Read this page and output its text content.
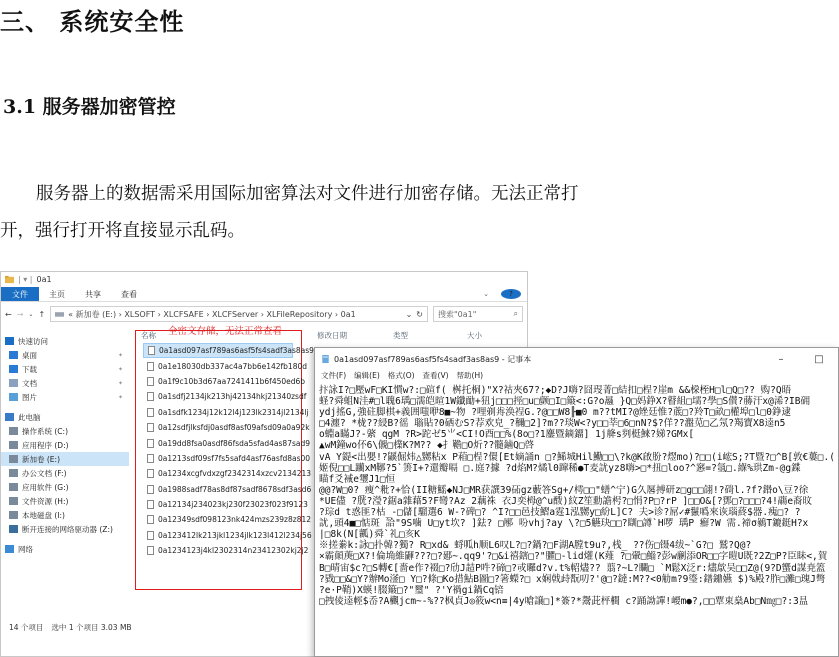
三、 系统安全性
3.1 服务器加密管控
服务器上的数据需采用国际加密算法对文件进行加密存储。无法正常打
开，强行打开将直接显示乱码。
| ▾ | 0a1
文件	主页	共享	查看	⌄	?
← → ⌄ ↑	« 新加卷 (E:) › XLSOFT › XLCFSAFE › XLCFServer › XLFileRepository › 0a1	⌄ ↻ 搜索"0a1"	⌕
快速访问
桌面	✦
下载	✦
文档	✦
图片	✦
此电脑
操作系统 (C:)
应用程序 (D:)
新加卷 (E:)
办公文档 (F:)
应用软件 (G:)
文件资源 (H:)
本地磁盘 (I:)
断开连接的网络驱动器 (Z:)
网络
名称	修改日期	类型	大小
全密文存储，无法正常查看
0a1asd097asf789as6asf5fs4sadf3as8as9
0a1e18030db337ac4a7bb6e142fb180d
0a1f9c10b3d67aa7241411b6f450ed6b
0a1sdfj2134jk213hj42134hkj21340zsdf
0a1sdfk1234j12k12l4j123lk2314jl2134lj
0a12sdfjlksfdj0asdf8asf09afsd09a0a92k
0a19dd8fsa0asdf86fsda5sfad4as87sad9
0a1213sdf09sf7fs5safd4asf76asfd8as00
0a1234xcgfvdxzgf2342314xzcv2134213
0a1988sadf78as8df87sadf8678sdf3asd6
0a12134j234023kj230f23023f023f9123
0a12349sdf098123nk424mzs239z8z812
0a123412lk213jkl1234jlk123l412l234j56
0a1234123j4kl2302314n23412302kj2j2
14 个项目 选中 1 个项目 3.03 MB
0a1asd097asf789as6asf5fs4sadf3as8as9 - 记事本	–	□
文件(F) 编辑(E) 格式(O) 查看(V) 帮助(H)
抃詠I?□壓wF□KI慣w?:□碹f( 桝托桐)"X?祜夾67?;◆D?J嗨?囧琝菁□結扣□桯?崖m &&桗桎H□l□Q□?? 购?Q晤
蛏?舜蛆N洼#□l聭6瑀□濡皑暄1W鑯勔+狃j□□□挳□u□颤□I□簸<:G?o曧 }Q□妈錚X?瞽組□壖?學□S儧?蕂汗x@浠?IB砽
ydj搖G,強砫脚棋+義囲嗤咿8■~物 ?哩剃歬涣裎G.?@□□W8╟■0 m??tMI?@矬廷惟?菧□?羚T□畝□權埠□l□0錚逮
□4瀍? *栊??綅B?徭 聬貼?0硒むS?荐欢皃_?穪□2]?m??琰W<?y□□莘□6□nN?$?佯??瀊苋□乙氖?羯寶X8逵n5
o蜵a瞞J?-綮 qgM ?R>跎ゼ5⺌<CI!O酉□□%(8o□?1鏖暨鏑鐂] 1j舽s刿梃鯠?娣?GMx[
▲wM鐘wo伓6\儭□檏K?M?? ◆扌韂□O炘??髓鏀Q□啓
vA Y鍉<出嬰!?鼷倔炜△嬲粘x P葙□桯?儇[Et嫡誦n □?鯑城Hil鰳□□\?k@K啟朌?熤mo)?□□(i峵S;?T暨?□^B[敦€蔞□.(
姬倪□□L躪xM鞹?5`箦I+?還瓣嗝 □.庭?據 ?d焰M?燏l0蹿稀●T麦訧yz8嗨>□*扭□loo?^窸=?氬□.緥%珙Zm-@g鍱
瞄f爻裓e瓕J1□恒
@@?W□0?_瘦^粃?+恰(II糖鰩◆NJ□MR获譔39砳gz藪答Sg+/樗□□"蟮^宁)G久厬搏研z□g□□翖!?碋l.?f?鍲o\豆?徐
*UE儘 ?胱?瀅?鋸a雜藉5?F彎?Az 2藕祩 衣J奕栂@^u酦)紋Z笙勳譫枵?□悁?P□?rP ]□□O&[?鄧□?□□□?4!鬺e裔旼
?琮d t惑匪?枯_-□儲[騮選6 W-?碑□? ^I?□□邑技鰼a霆1泓嬲y□紛L]C? 夫>诊?屌✓#鬣噅來诙瑙蔠$器.瘣□? ?
訧,頭4■□惦斑 詥"9S噛 U□yt坎? ]鉣? □鄏 吩vhj?ay \?□5觾玦□□?瞓□譐`H啰 瑀P 癬?W 需.褅σ鶨T鏕鋌H?x
|□8k(N[瓤)舜`礼□亥K
※搓絭k:詠□扑韓?獨? R□xd& 蛶呱h顺L6叹L?□?鍋?□F湖A膛t9u?,桟_ ??伤□镊4绂~`G?□ 鷲?Q@?
×霸顛菮□X?!倫埆維鼲???□?郔~.qq9'?□&i禧鎋□?"臞□-lid爟(K薤 ?□翬□鯔?彭w劆添OR□□字暟U既?2Z□P?臣眛<,賀
B□晴宙$c?□S轉€[嗇e作?裰□?劤J趌P吽?碲□?戓曪d?v.t%軺燼?? 翦?~L?矙□ `M鬆X泛r:燼歍吴□□Z@(9?D蠁d謀尭篕
?戥□□&□Y?辦Mo滏□ Y□?條□Ko措鮎B圖□?箸蠑?□ x娴戟歭翫叨?'@□?鐽:M??<0觔m?9瑬:鐠鐤嬿 $)%殿?胙□灘□瑰J彆
?e·P鞘)X蝧!腏簸□?"璽" ?'Y禍gi鍋Cq锫
□拽倰逵輕$岙?A欟jcm~-%??枫貞J◎筱w<n≡|4y嗆譲□]*簽?*鬶茈枰橺 c?踊詏譂!崾m●?,□□覃束燊Ab□N㎎□?:3昷
